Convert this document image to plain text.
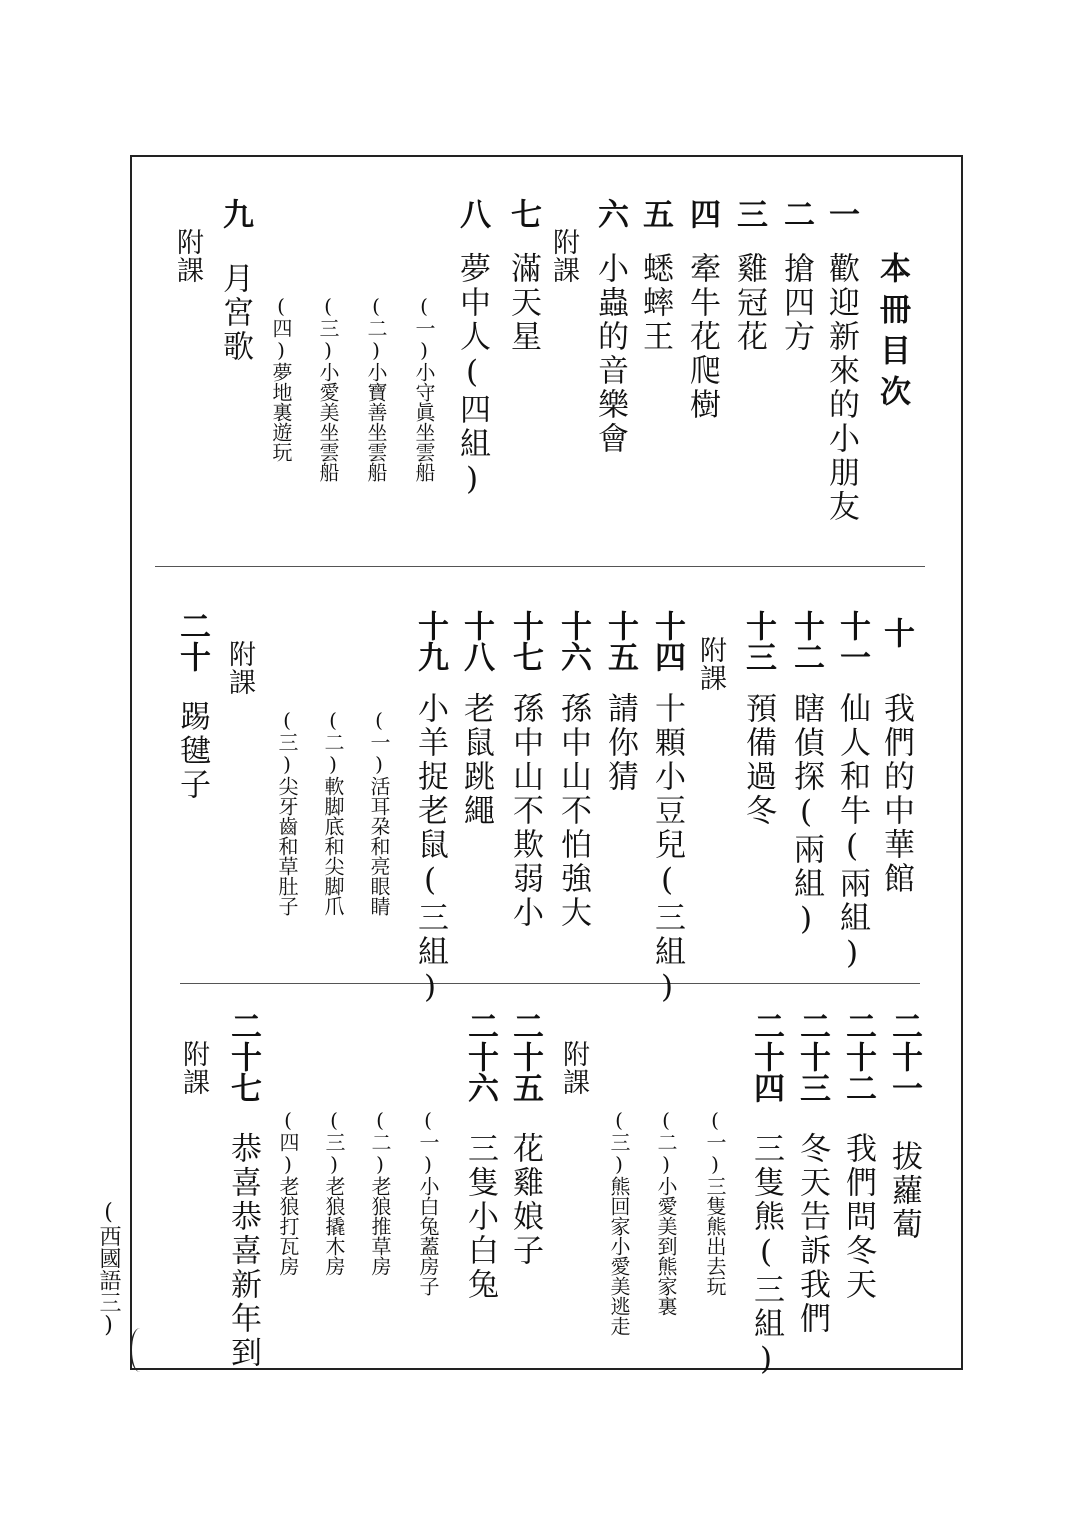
本冊目次
一
歡迎新來的小朋友
二
搶四方
三
雞冠花
四
牽牛花爬樹
五
蟋蟀王
六
小蟲的音樂會
附課
七
滿天星
八
夢中人(四組)
(一)小守眞坐雲船
(二)小寶善坐雲船
(三)小愛美坐雲船
(四)夢地裏遊玩
九
月宮歌
附課
十
我們的中華館
十一
仙人和牛(兩組)
十二
瞎偵探(兩組)
十三
預備過冬
附課
十四
十顆小豆兒(三組)
十五
請你猜
十六
孫中山不怕強大
十七
孫中山不欺弱小
十八
老鼠跳繩
十九
小羊捉老鼠(三組)
(一)活耳朶和亮眼睛
(二)軟脚底和尖脚爪
(三)尖牙齒和草肚子
附課
二十
踢毽子
二十一
拔蘿蔔
二十二
我們問冬天
二十三
冬天告訴我們
二十四
三隻熊(三組)
(一)三隻熊出去玩
(二)小愛美到熊家裏
(三)熊回家小愛美逃走
附課
二十五
花雞娘子
二十六
三隻小白兔
(一)小白兔蓋房子
(二)老狼推草房
(三)老狼撬木房
(四)老狼打瓦房
二十七
恭喜恭喜新年到
附課
(西國語三)
